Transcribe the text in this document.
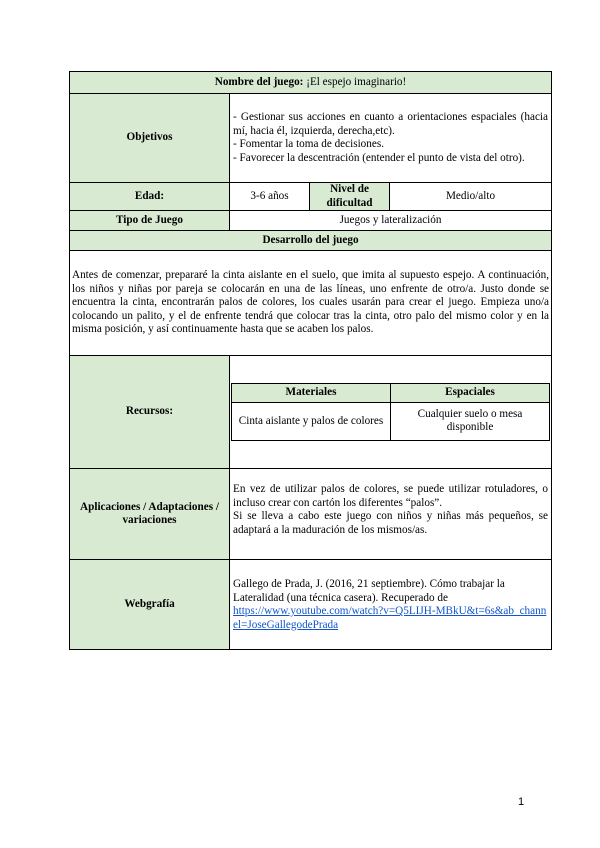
Nombre del juego: ¡El espejo imaginario!
Objetivos	
- Gestionar sus acciones en cuanto a orientaciones espaciales (hacia mí, hacia él, izquierda, derecha,etc).
- Fomentar la toma de decisiones.
- Favorecer la descentración (entender el punto de vista del otro).

Edad:	3-6 años	Nivel de dificultad	Medio/alto
Tipo de Juego	Juegos y lateralización
Desarrollo del juego
Antes de comenzar, prepararé la cinta aislante en el suelo, que imita al supuesto espejo. A continuación, los niños y niñas por pareja se colocarán en una de las líneas, uno enfrente de otro/a. Justo donde se encuentra la cinta, encontrarán palos de colores, los cuales usarán para crear el juego. Empieza uno/a colocando un palito, y el de enfrente tendrá que colocar tras la cinta, otro palo del mismo color y en la misma posición, y así continuamente hasta que se acaben los palos.
Recursos:	
Materiales	Espaciales
Cinta aislante y palos de colores	Cualquier suelo o mesa disponible

Aplicaciones / Adaptaciones / variaciones	
En vez de utilizar palos de colores, se puede utilizar rotuladores, o incluso crear con cartón los diferentes “palos”.
Si se lleva a cabo este juego con niños y niñas más pequeños, se adaptará a la maduración de los mismos/as.

Webgrafía	
Gallego de Prada, J. (2016, 21 septiembre). Cómo trabajar la Lateralidad (una técnica casera). Recuperado de
https://www.youtube.com/watch?v=Q5LIJH-MBkU&t=6s&ab_channel=JoseGallegodePrada
1
